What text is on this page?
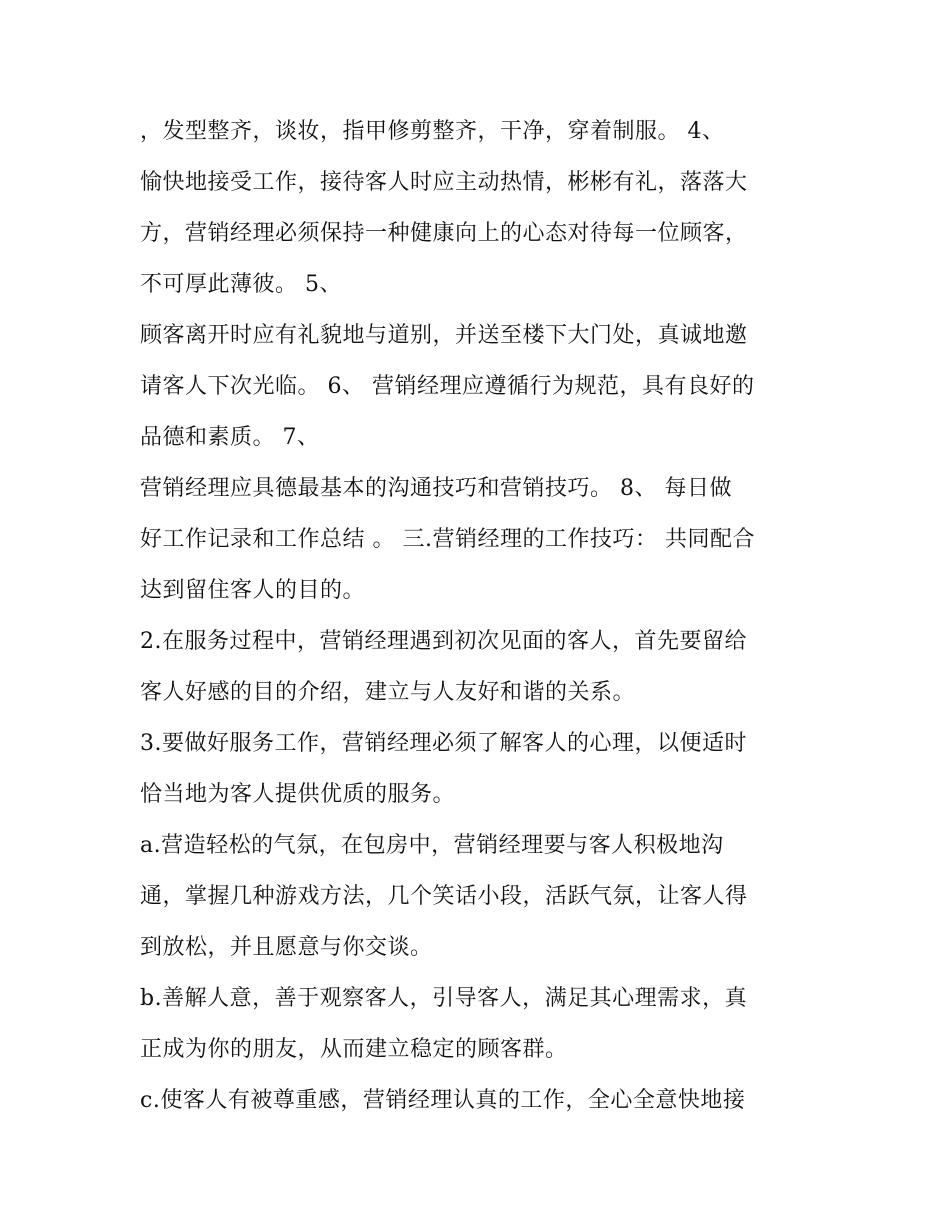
，发型整齐，谈妆，指甲修剪整齐，干净，穿着制服。 4、
愉快地接受工作，接待客人时应主动热情，彬彬有礼，落落大
方，营销经理必须保持一种健康向上的心态对待每一位顾客，
不可厚此薄彼。 5、
顾客离开时应有礼貌地与道别，并送至楼下大门处，真诚地邀
请客人下次光临。 6、 营销经理应遵循行为规范，具有良好的
品德和素质。 7、
营销经理应具德最基本的沟通技巧和营销技巧。 8、 每日做
好工作记录和工作总结 。 三.营销经理的工作技巧： 共同配合
达到留住客人的目的。
2.在服务过程中，营销经理遇到初次见面的客人，首先要留给
客人好感的目的介绍，建立与人友好和谐的关系。
3.要做好服务工作，营销经理必须了解客人的心理，以便适时
恰当地为客人提供优质的服务。
a.营造轻松的气氛，在包房中，营销经理要与客人积极地沟
通，掌握几种游戏方法，几个笑话小段，活跃气氛，让客人得
到放松，并且愿意与你交谈。
b.善解人意，善于观察客人，引导客人，满足其心理需求，真
正成为你的朋友，从而建立稳定的顾客群。
c.使客人有被尊重感，营销经理认真的工作，全心全意快地接
